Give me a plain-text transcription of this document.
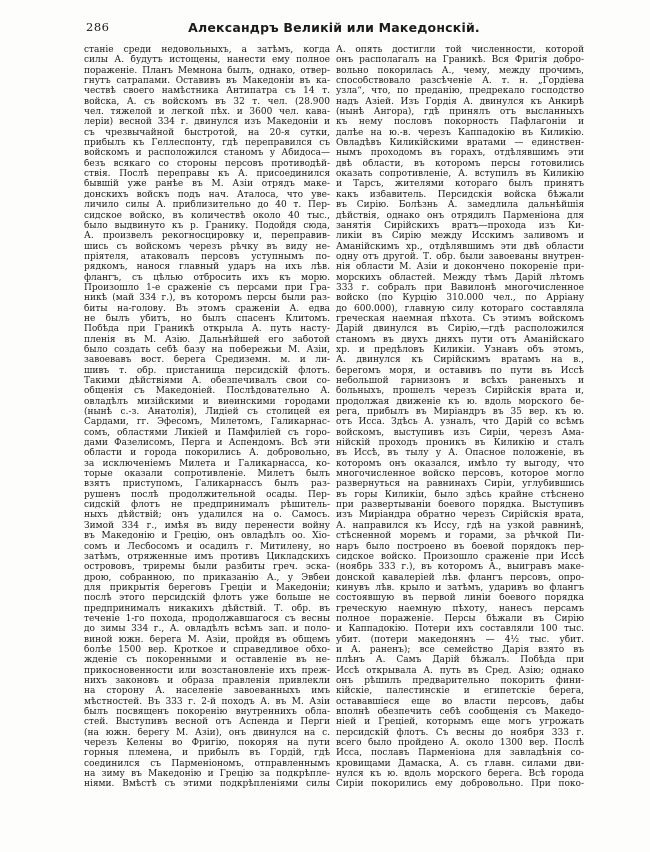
286	Александръ Великій или Македонскій.
станіе среди недовольныхъ, а затѣмъ, когда
силы А. будутъ истощены, нанести ему полное
пораженіе. Планъ Мемнона былъ, однако, отвер-
гнутъ сатрапами. Оставивъ въ Македоніи въ ка-
чествѣ своего намѣстника Антипатра съ 14 т.
войска, А. съ войскомъ въ 32 т. чел. (28.900
чел. тяжелой и легкой пѣх. и 3600 чел. кава-
леріи) весной 334 г. двинулся изъ Македоніи и
съ чрезвычайной быстротой, на 20-я сутки,
прибылъ къ Геллеспонту, гдѣ переправился съ
войскомъ и расположился станомъ у Абидоса—
безъ всякаго со стороны персовъ противодѣй-
ствія. Послѣ переправы къ А. присоединился
бывшій уже ранѣе въ М. Азіи отрядъ маке-
донскихъ войскъ подъ нач. Аталоса, что уве-
личило силы А. приблизительно до 40 т. Пер-
сидское войско, въ количествѣ около 40 тыс.,
было выдвинуто къ р. Гранику. Подойдя сюда,
А. произвелъ рекогносцировку и, переправив-
шись съ войскомъ черезъ рѣчку въ виду не-
пріятеля, атаковалъ персовъ уступнымъ по-
рядкомъ, нанося главный ударъ на ихъ лѣв.
флангъ, съ цѣлью отбросить ихъ къ морю.
Произошло 1-е сраженіе съ персами при Гра-
никѣ (май 334 г.), въ которомъ персы были раз-
биты на-голову. Въ этомъ сраженіи А. едва
не былъ убитъ, но былъ спасенъ Клитомъ.
Побѣда при Граникѣ открыла А. путь насту-
пленія въ М. Азію. Дальнѣйшей его заботой
было создать себѣ базу на побережьи М. Азіи,
завоевавъ вост. берега Средиземн. м. и ли-
шивъ т. обр. пристанища персидскій флотъ.
Такими дѣйствіями А. обезпечивалъ свои со-
общенія съ Македоніей. Послѣдовательно А.
овладѣлъ мизійскими и виѳинскими городами
(нынѣ с.-з. Анатолія), Лидіей съ столицей ея
Сардами, гг. Эфесомъ, Милетомъ, Галикарнас-
сомъ, областями Ликіей и Памфиліей съ горо-
дами Фазелисомъ, Перга и Аспендомъ. Всѣ эти
области и города покорились А. добровольно,
за исключеніемъ Милета и Галикарнасса, ко-
торые оказали сопротивленіе. Милетъ былъ
взятъ приступомъ, Галикарнассъ былъ раз-
рушенъ послѣ продолжительной осады. Пер-
сидскій флотъ не предпринималъ рѣшитель-
ныхъ дѣйствій; онъ удалился на о. Самосъ.
Зимой 334 г., имѣя въ виду перенести войну
въ Македонію и Грецію, онъ овладѣлъ оо. Хіо-
сомъ и Лесбосомъ и осадилъ г. Митилену, но
затѣмъ, отряженные имъ противъ Цикладскихъ
острововъ, триремы были разбиты греч. эска-
дрою, собранною, по приказанію А., у Эвбеи
для прикрытія береговъ Греціи и Македоніи;
послѣ этого персидскій флотъ уже больше не
предпринималъ никакихъ дѣйствій. Т. обр. въ
теченіе 1-го похода, продолжавшагося съ весны
до зимы 334 г., А. овладѣлъ всѣмъ зап. и поло-
виной южн. берега М. Азіи, пройдя въ общемъ
болѣе 1500 вер. Кроткое и справедливое обхо-
жденіе съ покоренными и оставленіе въ не-
прикосновенности или возстановленіе ихъ преж-
нихъ законовъ и образа правленія привлекли
на сторону А. населеніе завоеванныхъ имъ
мѣстностей. Въ 333 г. 2-й походъ А. въ М. Азіи
былъ посвященъ покоренію внутреннихъ обла-
стей. Выступивъ весной отъ Аспенда и Перги
(на южн. берегу М. Азіи), онъ двинулся на с.
черезъ Келены во Фригію, покоряя на пути
горныя племена, и прибылъ въ Гордій, гдѣ
соединился съ Парменіономъ, отправленнымъ
на зиму въ Македонію и Грецію за подкрѣпле-
ніями. Вмѣстѣ съ этими подкрѣпленіями силы
А. опять достигли той численности, которой
онъ располагалъ на Граникѣ. Вся Фригія добро-
вольно покорилась А., чему, между прочимъ,
способствовало разсѣченіе А. т. н. „Гордіева
узла“, что, по преданію, предрекало господство
надъ Азіей. Изъ Гордія А. двинулся къ Анкирѣ
(нынѣ Ангора), гдѣ принялъ отъ высланныхъ
къ нему пословъ покорность Пафлагоніи и
далѣе на ю.-в. черезъ Каппадокію въ Киликію.
Овладѣвъ Киликійскими вратами — единствен-
нымъ проходомъ въ горахъ, отдѣлявшимъ эти
двѣ области, въ которомъ персы готовились
оказать сопротивленіе, А. вступилъ въ Киликію
и Тарсъ, жителями котораго былъ принятъ
какъ избавитель. Персидскія войска бѣжали
въ Сирію. Болѣзнь А. замедлила дальнѣйшія
дѣйствія, однако онъ отрядилъ Парменіона для
занятія Сирійскихъ вратъ—прохода изъ Ки-
ликіи въ Сирію между Исскимъ заливомъ и
Аманійскимъ хр., отдѣлявшимъ эти двѣ области
одну отъ другой. Т. обр. были завоеваны внутрен-
нія области М. Азіи и докончено покореніе при-
морскихъ областей. Между тѣмъ Дарій лѣтомъ
333 г. собралъ при Вавилонѣ многочисленное
войско (по Курцію 310.000 чел., по Арріану
до 600.000), главную силу котораго составляла
греческая наемная пѣхота. Съ этимъ войскомъ
Дарій двинулся въ Сирію,—гдѣ расположился
станомъ въ двухъ дняхъ пути отъ Аманійскаго
хр. и предѣловъ Киликіи. Узнавъ объ этомъ,
А. двинулся къ Сирійскимъ вратамъ на в.,
берегомъ моря, и оставивъ по пути въ Иссѣ
небольшой гарнизонъ и всѣхъ раненыхъ и
больныхъ, прошелъ черезъ Сирійскія врата и,
продолжая движеніе къ ю. вдоль морского бе-
рега, прибылъ въ Миріандръ въ 35 вер. къ ю.
отъ Исса. Здѣсь А. узналъ, что Дарій со всѣмъ
войскомъ, выступивъ изъ Сиріи, черезъ Ама-
нійскій проходъ проникъ въ Киликію и сталъ
въ Иссѣ, въ тылу у А. Опасное положеніе, въ
которомъ онъ оказался, имѣло ту выгоду, что
многочисленное войско персовъ, которое могло
развернуться на равнинахъ Сиріи, углубившись
въ горы Киликіи, было здѣсь крайне стѣснено
при развертываніи боевого порядка. Выступивъ
изъ Миріандра обратно черезъ Сирійскія врата,
А. направился къ Иссу, гдѣ на узкой равнинѣ,
стѣсненной моремъ и горами, за рѣчкой Пи-
наръ было построено въ боевой порядокъ пер-
сидское войско. Произошло сраженіе при Иссѣ
(ноябрь 333 г.), въ которомъ А., выигравъ маке-
донской кавалеріей лѣв. флангъ персовъ, опро-
кинувъ лѣв. крыло и затѣмъ, ударивъ во флангъ
состоявшую въ первой линіи боевого порядка
греческую наемную пѣхоту, нанесъ персамъ
полное пораженіе. Персы бѣжали въ Сирію
и Каппадокію. Потери ихъ составляли 100 тыс.
убит. (потери македонянъ — 4½ тыс. убит.
и А. раненъ); все семейство Дарія взято въ
плѣнъ А. Самъ Дарій бѣжалъ. Побѣда при
Иссѣ открывала А. путь въ Сред. Азію; однако
онъ рѣшилъ предварительно покорить фини-
кійскіе, палестинскіе и египетскіе берега,
остававшіеся еще во власти персовъ, дабы
вполнѣ обезпечить себѣ сообщенія съ Македо-
ніей и Греціей, которымъ еще могъ угрожать
персидскій флотъ. Съ весны до ноября 333 г.
всего было пройдено А. около 1300 вер. Послѣ
Исса, пославъ Парменіона для завладѣнія со-
кровищами Дамаска, А. съ главн. силами дви-
нулся къ ю. вдоль морского берега. Всѣ города
Сиріи покорились ему добровольно. При поко-
